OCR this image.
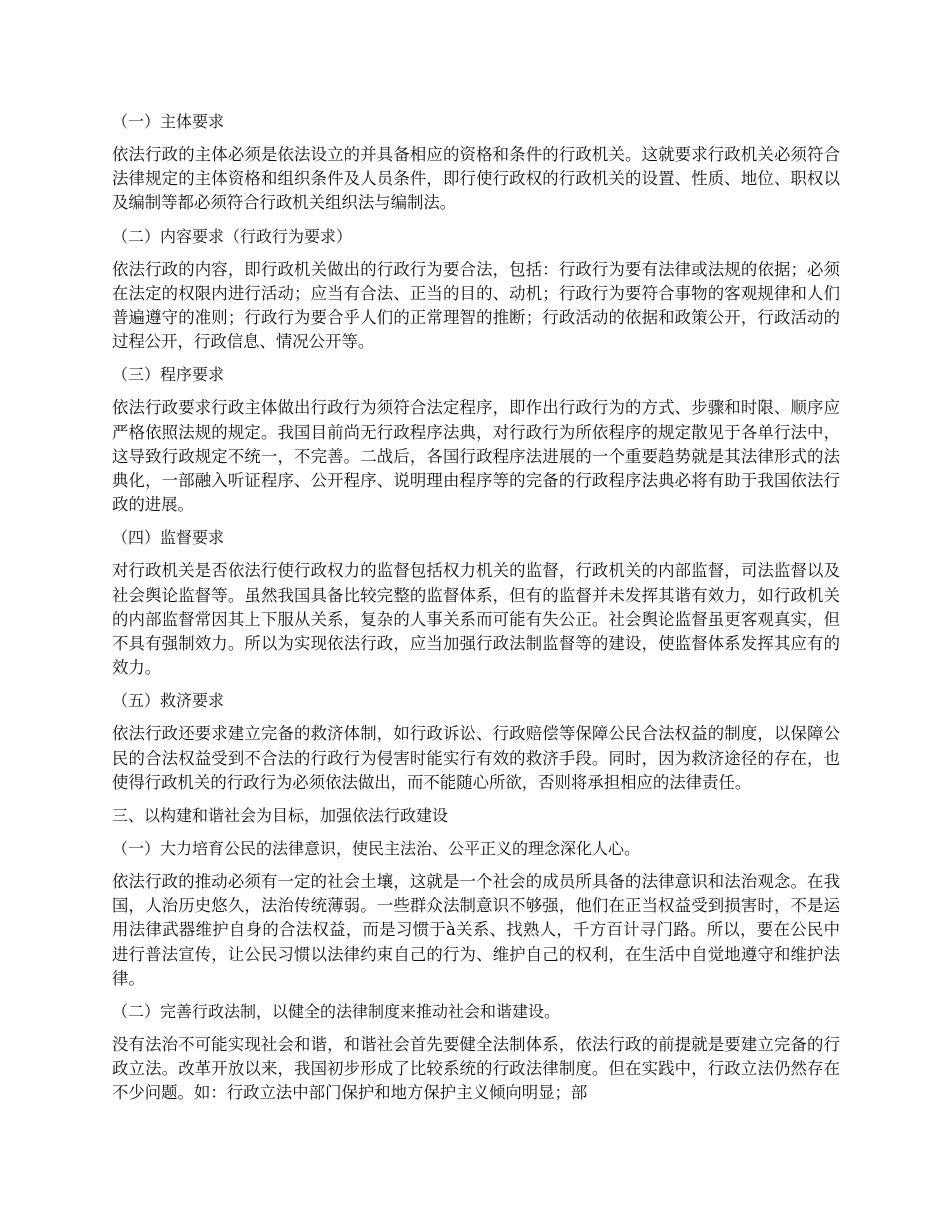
（一）主体要求
依法行政的主体必须是依法设立的并具备相应的资格和条件的行政机关。这就要求行政机关必须符合法律规定的主体资格和组织条件及人员条件，即行使行政权的行政机关的设置、性质、地位、职权以及编制等都必须符合行政机关组织法与编制法。
（二）内容要求（行政行为要求）
依法行政的内容，即行政机关做出的行政行为要合法，包括：行政行为要有法律或法规的依据；必须在法定的权限内进行活动；应当有合法、正当的目的、动机；行政行为要符合事物的客观规律和人们普遍遵守的准则；行政行为要合乎人们的正常理智的推断；行政活动的依据和政策公开，行政活动的过程公开，行政信息、情况公开等。
（三）程序要求
依法行政要求行政主体做出行政行为须符合法定程序，即作出行政行为的方式、步骤和时限、顺序应严格依照法规的规定。我国目前尚无行政程序法典，对行政行为所依程序的规定散见于各单行法中，这导致行政规定不统一，不完善。二战后，各国行政程序法进展的一个重要趋势就是其法律形式的法典化，一部融入听证程序、公开程序、说明理由程序等的完备的行政程序法典必将有助于我国依法行政的进展。
（四）监督要求
对行政机关是否依法行使行政权力的监督包括权力机关的监督，行政机关的内部监督，司法监督以及社会舆论监督等。虽然我国具备比较完整的监督体系，但有的监督并未发挥其谐有效力，如行政机关的内部监督常因其上下服从关系，复杂的人事关系而可能有失公正。社会舆论监督虽更客观真实，但不具有强制效力。所以为实现依法行政，应当加强行政法制监督等的建设，使监督体系发挥其应有的效力。
（五）救济要求
依法行政还要求建立完备的救济体制，如行政诉讼、行政赔偿等保障公民合法权益的制度，以保障公民的合法权益受到不合法的行政行为侵害时能实行有效的救济手段。同时，因为救济途径的存在，也使得行政机关的行政行为必须依法做出，而不能随心所欲，否则将承担相应的法律责任。
三、以构建和谐社会为目标，加强依法行政建设
（一）大力培育公民的法律意识，使民主法治、公平正义的理念深化人心。
依法行政的推动必须有一定的社会土壤，这就是一个社会的成员所具备的法律意识和法治观念。在我国，人治历史悠久，法治传统薄弱。一些群众法制意识不够强，他们在正当权益受到损害时，不是运用法律武器维护自身的合法权益，而是习惯于à关系、找熟人，千方百计寻门路。所以，要在公民中进行普法宣传，让公民习惯以法律约束自己的行为、维护自己的权利，在生活中自觉地遵守和维护法律。
（二）完善行政法制，以健全的法律制度来推动社会和谐建设。
没有法治不可能实现社会和谐，和谐社会首先要健全法制体系，依法行政的前提就是要建立完备的行政立法。改革开放以来，我国初步形成了比较系统的行政法律制度。但在实践中，行政立法仍然存在不少问题。如：行政立法中部门保护和地方保护主义倾向明显；部
